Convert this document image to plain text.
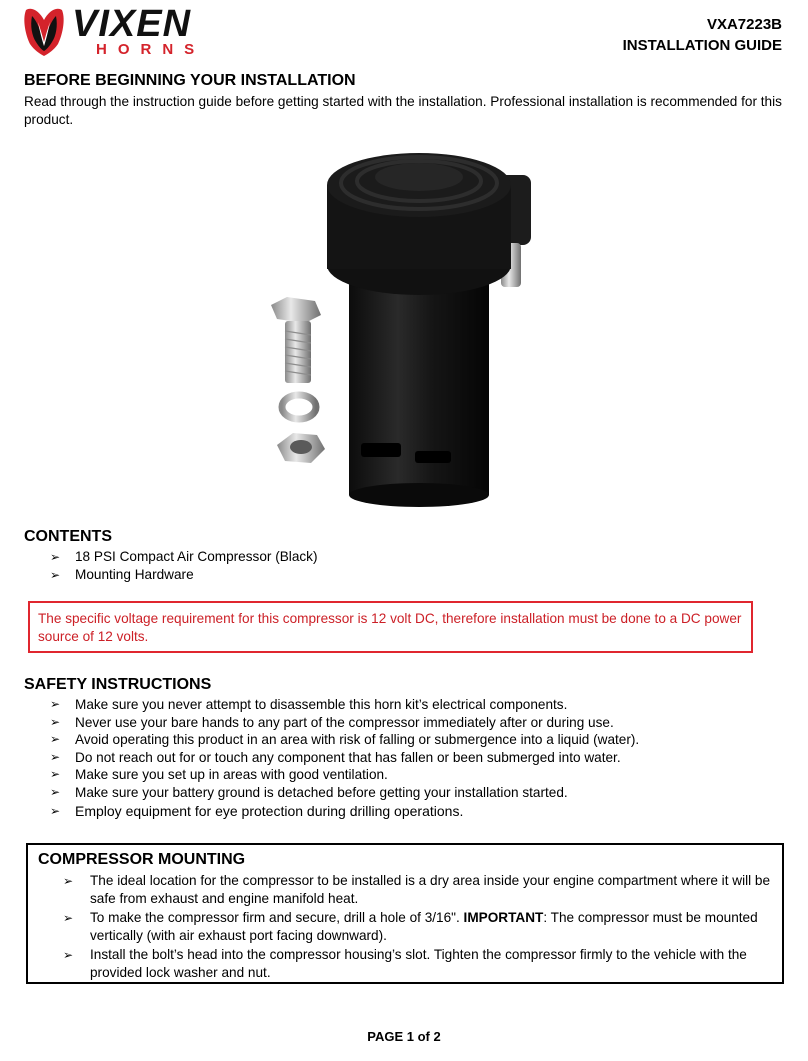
VIXEN
HORNS
VXA7223B
INSTALLATION GUIDE
BEFORE BEGINNING YOUR INSTALLATION

Read through the instruction guide before getting started with the installation. Professional installation is recommended for this product.

CONTENTS
➢ 18 PSI Compact Air Compressor (Black)
➢ Mounting Hardware
The specific voltage requirement for this compressor is 12 volt DC, therefore installation must be done to a DC power source of 12 volts.
SAFETY INSTRUCTIONS
➢ Make sure you never attempt to disassemble this horn kit’s electrical components.
➢ Never use your bare hands to any part of the compressor immediately after or during use.
➢ Avoid operating this product in an area with risk of falling or submergence into a liquid (water).
➢ Do not reach out for or touch any component that has fallen or been submerged into water.
➢ Make sure you set up in areas with good ventilation.
➢ Make sure your battery ground is detached before getting your installation started.
➢ Employ equipment for eye protection during drilling operations.
COMPRESSOR MOUNTING
➢ The ideal location for the compressor to be installed is a dry area inside your engine compartment where it will be safe from exhaust and engine manifold heat.
➢ To make the compressor firm and secure, drill a hole of 3/16". IMPORTANT: The compressor must be mounted vertically (with air exhaust port facing downward).
➢ Install the bolt’s head into the compressor housing’s slot. Tighten the compressor firmly to the vehicle with the provided lock washer and nut.
PAGE 1 of 2
